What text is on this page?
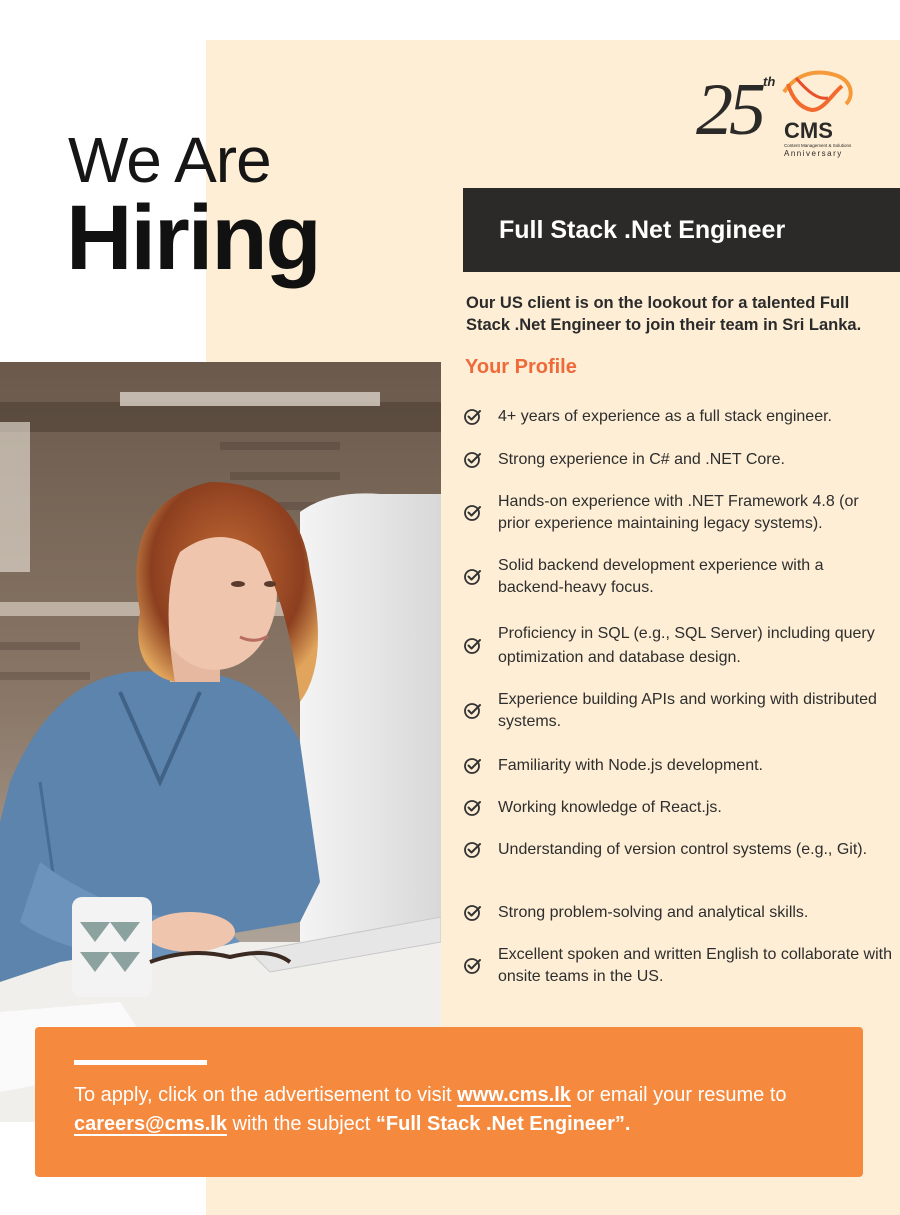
We Are
Hiring
25 th
CMS
Content Management & Solutions
Anniversary
Full Stack .Net Engineer
Our US client is on the lookout for a talented Full Stack .Net Engineer to join their team in Sri Lanka.
Your Profile
4+ years of experience as a full stack engineer.
Strong experience in C# and .NET Core.
Hands-on experience with .NET Framework 4.8 (or prior experience maintaining legacy systems).
Solid backend development experience with a backend-heavy focus.
Proficiency in SQL (e.g., SQL Server) including query optimization and database design.
Experience building APIs and working with distributed systems.
Familiarity with Node.js development.
Working knowledge of React.js.
Understanding of version control systems (e.g., Git).
Strong problem-solving and analytical skills.
Excellent spoken and written English to collaborate with onsite teams in the US.
To apply, click on the advertisement to visit www.cms.lk or email your resume to careers@cms.lk with the subject “Full Stack .Net Engineer”.
